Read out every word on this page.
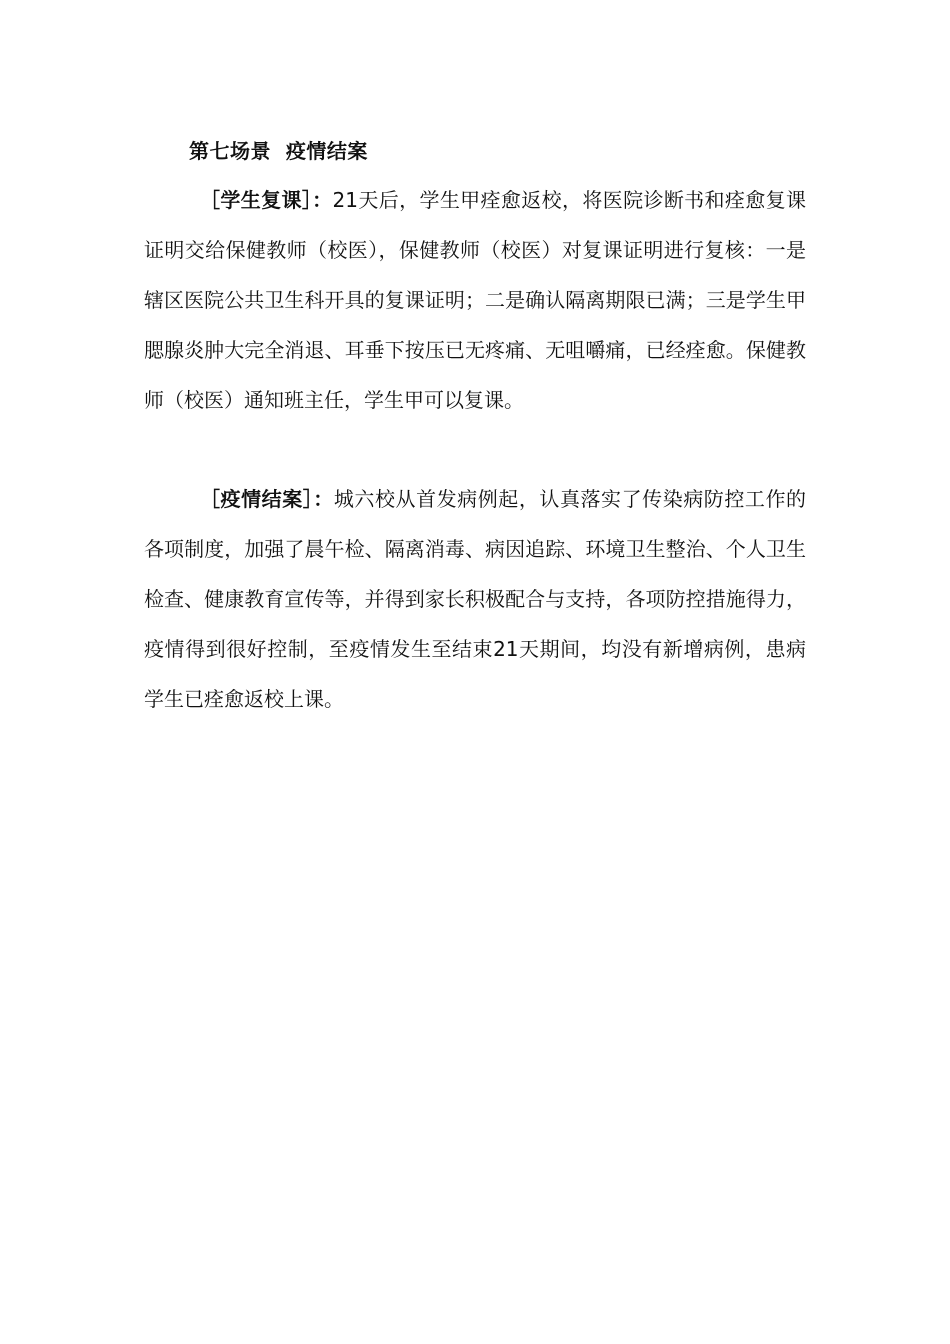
第七场景  疫情结案

［学生复课］：21天后，学生甲痊愈返校，将医院诊断书和痊愈复课证明交给保健教师（校医），保健教师（校医）对复课证明进行复核：一是辖区医院公共卫生科开具的复课证明；二是确认隔离期限已满；三是学生甲腮腺炎肿大完全消退、耳垂下按压已无疼痛、无咀嚼痛，已经痊愈。保健教师（校医）通知班主任，学生甲可以复课。

［疫情结案］：城六校从首发病例起，认真落实了传染病防控工作的各项制度，加强了晨午检、隔离消毒、病因追踪、环境卫生整治、个人卫生检查、健康教育宣传等，并得到家长积极配合与支持，各项防控措施得力，疫情得到很好控制，至疫情发生至结束21天期间，均没有新增病例，患病学生已痊愈返校上课。
